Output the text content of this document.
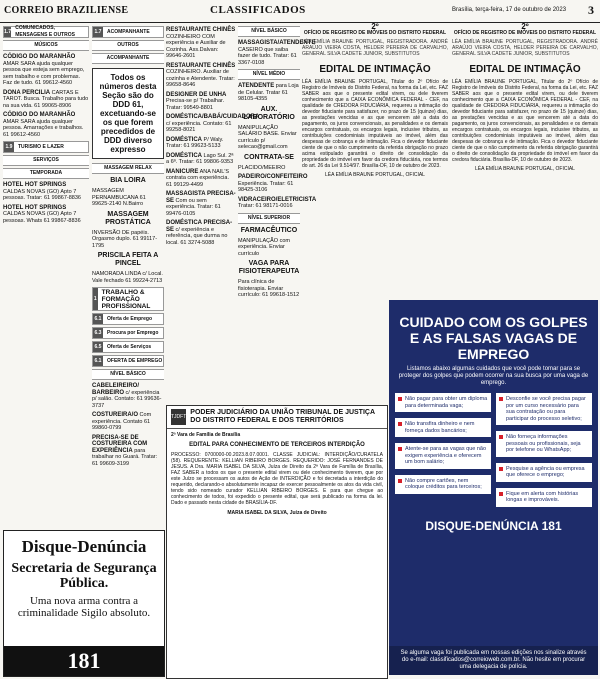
CORREIO BRAZILIENSE	CLASSIFICADOS	Brasília, terça-feira, 17 de outubro de 2023 3
1.7
COMUNICADOS, MENSAGENS E OUTROS
MÚSICOS
CÓDIGO DO MARANHÃO AMAR SARA ajuda qualquer pessoa que esteja sem emprego, sem trabalho e com problemas. Faz de tudo. 61 99612-4560
DONA PERCILIA CARTAS E TAROT. Busca. Trabalho para tudo na sua vida. 61 99065-8906
CÓDIGO DO MARANHÃO AMAR SARA ajuda qualquer pessoa. Amarrações e trabalhos. 61 99612-4560
1.9	TURISMO E LAZER
SERVIÇOS
TEMPORADA
HOTEL HOT SPRINGS CALDAS NOVAS (GO) Apto 7 pessoas. Tratar: 61 99867-8836
HOTEL HOT SPRINGS CALDAS NOVAS (GO) Apto 7 pessoas. Whats 61 99867-8836
1.7	ACOMPANHANTE
OUTROS
ACOMPANHANTE
Todos os números desta Seção são do DDD 61, excetuando-se os que forem precedidos de DDD diverso expresso
MASSAGEM RELAX
BIA LOIRA
MASSAGEM PERNAMBUCANA 61 99625-2140 N.Bairro
MASSAGEM PROSTÁTICA
INVERSÃO DE papéis. Orgasmo duplo. 61 99117-1795
PRISCILA FEITA A PINCEL
NAMORADA LINDA c/ Local. Vale fechado 61 99224-2713
1
TRABALHO & FORMAÇÃO PROFISSIONAL
6.1	Oferta de Emprego
6.3	Procura por Emprego
6.5	Oferta de Serviços
6.1	OFERTA DE EMPREGO
NÍVEL BÁSICO
CABELEIREIRO/ BARBEIRO c/ experiência p/ salão. Contato: 61 99636-3737
COSTUREIRA/O Com experiência. Contato 61 99860-0799
PRECISA-SE DE COSTUREIRA COM EXPERIÊNCIA para trabalhar no Guará. Tratar: 61 99609-3199
RESTAURANTE CHINÊS COZINHEIRO COM experiência e Auxiliar de Cozinha. Ass.Dalvan: 99646-2601
RESTAURANTE CHINÊS COZINHEIRO. Auxiliar de cozinha e Atendente. Tratar: 99658-8646
DESIGNER DE UNHA Precisa-se p/ Trabalhar. Tratar: 99549-8801
DOMÉSTICA/BABÁ/CUIDADORA c/ experiência. Contato: 61 99258-8021
DOMÉSTICA P/ Waly. Tratar: 61 99623-5133
DOMÉSTICA Lago Sul. 2ª a 6ª. Tratar: 61 99806-9353
MANICURE ANA NAIL'S contrata com experiência. 61 99129-4499
MASSAGISTA PRECISA-SE Com ou sem experiência. Tratar: 61 99476-0105
DOMÉSTICA PRECISA-SE c/ experiência e referência, que durma no local. 61 3274-5088
NÍVEL BÁSICO
MASSAGISTA/ATENDENTE CASEIRO que saiba fazer de tudo. Tratar: 61 3367-0108
NÍVEL MÉDIO
ATENDENTE para Loja de Celular. Tratar 61 98105-4355
AUX. LABORATÓRIO
MANIPULAÇÃO SALÁRIO BASE. Enviar currículo p/ selecao@gmail.com
CONTRATA-SE
PLACIDO/MEEIRO
PADEIRO/CONFEITEIRO Experiência. Tratar: 61 98425-3106
VIDRACEIRO/ELETRICISTA Tratar: 61 98171-0016
NÍVEL SUPERIOR
FARMACÊUTICO
MANIPULAÇÃO com experiência. Enviar currículo
VAGA PARA FISIOTERAPEUTA
Para clínica de fisioterapia. Enviar currículo: 61 99618-1512
2º
OFÍCIO DE REGISTRO DE IMÓVEIS DO DISTRITO FEDERAL

LÉA EMÍLIA BRAUNE PORTUGAL, REGISTRADORA. ANDRÉ ARAÚJO VIEIRA COSTA, HELDER PEREIRA DE CARVALHO, GENERAL SILVA CADETE JUNIOR, SUBSTITUTOS

EDITAL DE INTIMAÇÃO

LÉA EMÍLIA BRAUNE PORTUGAL, Titular do 2º Ofício de Registro de Imóveis do Distrito Federal, na forma da Lei, etc. FAZ SABER aos que o presente edital virem, ou dele tiverem conhecimento que a CAIXA ECONÔMICA FEDERAL - CEF, na qualidade de CREDORA FIDUCIÁRIA, requereu a intimação do devedor fiduciante para satisfazer, no prazo de 15 (quinze) dias, as prestações vencidas e as que vencerem até a data do pagamento, os juros convencionais, as penalidades e os demais encargos contratuais, os encargos legais, inclusive tributos, as contribuições condominiais imputáveis ao imóvel, além das despesas de cobrança e de intimação. Fica o devedor fiduciante ciente de que o não cumprimento da referida obrigação no prazo acima estipulado garantirá o direito de consolidação da propriedade do imóvel em favor da credora fiduciária, nos termos do art. 26 da Lei 9.514/97. Brasília-DF, 10 de outubro de 2023.

LÉA EMÍLIA BRAUNE PORTUGAL, OFICIAL
2º
OFÍCIO DE REGISTRO DE IMÓVEIS DO DISTRITO FEDERAL

LÉA EMÍLIA BRAUNE PORTUGAL, REGISTRADORA. ANDRÉ ARAÚJO VIEIRA COSTA, HELDER PEREIRA DE CARVALHO, GENERAL SILVA CADETE JUNIOR, SUBSTITUTOS

EDITAL DE INTIMAÇÃO

LÉA EMÍLIA BRAUNE PORTUGAL, Titular do 2º Ofício de Registro de Imóveis do Distrito Federal, na forma da Lei, etc. FAZ SABER aos que o presente edital virem, ou dele tiverem conhecimento que a CAIXA ECONÔMICA FEDERAL - CEF, na qualidade de CREDORA FIDUCIÁRIA, requereu a intimação do devedor fiduciante para satisfazer, no prazo de 15 (quinze) dias, as prestações vencidas e as que vencerem até a data do pagamento, os juros convencionais, as penalidades e os demais encargos contratuais, os encargos legais, inclusive tributos, as contribuições condominiais imputáveis ao imóvel, além das despesas de cobrança e de intimação. Fica o devedor fiduciante ciente de que o não cumprimento da referida obrigação garantirá o direito de consolidação da propriedade do imóvel em favor da credora fiduciária. Brasília-DF, 10 de outubro de 2023.

LÉA EMÍLIA BRAUNE PORTUGAL, OFICIAL
CUIDADO COM OS GOLPES E AS FALSAS VAGAS DE EMPREGO
Listamos abaixo algumas cuidados que você pode tomar para se proteger dos golpes que podem ocorrer na sua busca por uma vaga de emprego.
Não pagar para obter um diploma para determinada vaga;
Não transfira dinheiro e nem forneça dados bancários;
Atente-se para as vagas que não exigem experiência e oferecem um bom salário;
Não compre cartões, nem coloque créditos para terceiros;
Desconfie se você precisa pagar por um curso necessário para sua contratação ou para participar do processo seletivo;
Não forneça informações pessoais ou profissionais, seja por telefone ou WhatsApp;
Pesquise a agência ou empresa que oferece o emprego;
Fique em alerta com histórias longas e improváveis.
DISQUE-DENÚNCIA 181
Se alguma vaga foi publicada em nossas edições nos sinalize através do e-mail: classificados@correioweb.com.br. Não hesite em procurar uma delegacia de polícia.
TJDFT
PODER JUDICIÁRIO DA UNIÃO TRIBUNAL DE JUSTIÇA DO DISTRITO FEDERAL E DOS TERRITÓRIOS

2ª Vara de Família de Brasília

EDITAL PARA CONHECIMENTO DE TERCEIROS INTERDIÇÃO

PROCESSO: 0700000-00.2023.8.07.0001. CLASSE JUDICIAL: INTERDIÇÃO/CURATELA (58). REQUERENTE: KELLIAN RIBEIRO BORGES. REQUERIDO: JOSÉ FERNANDES DE JESUS. A Dra. MARIA ISABEL DA SILVA, Juíza de Direito da 2ª Vara de Família de Brasília, FAZ SABER a todos os que o presente edital virem ou dele conhecimento tiverem, que por este Juízo se processam os autos de Ação de INTERDIÇÃO e foi decretada a interdição do requerido, declarando-o absolutamente incapaz de exercer pessoalmente os atos da vida civil, tendo sido nomeado curador KELLIAN RIBEIRO BORGES. E para que chegue ao conhecimento de todos, foi expedido o presente edital, que será publicado na forma da lei. Dado e passado nesta cidade de BRASÍLIA-DF.

MARIA ISABEL DA SILVA, Juíza de Direito
Disque-Denúncia
Secretaria de Segurança Pública.
Uma nova arma contra a criminalidade Sigilo absoluto.
181
